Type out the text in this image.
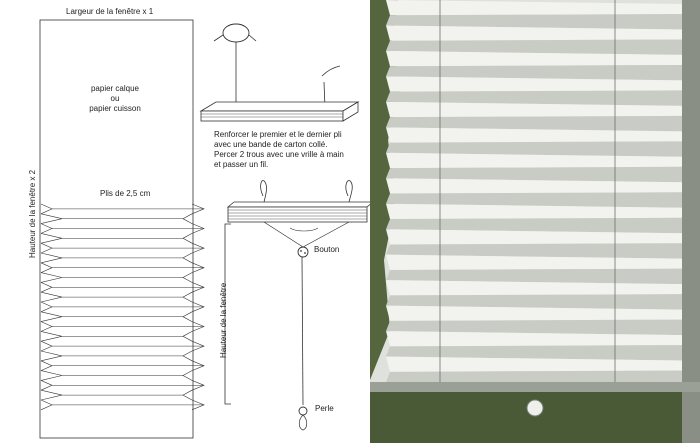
Largeur de la fenêtre x 1
Hauteur de la fenêtre x 2
papier calque
ou
papier cuisson
Plis de 2,5 cm
Renforcer le premier et le dernier pli
avec une bande de carton collé.
Percer 2 trous avec une vrille à main
et passer un fil.
Bouton
Hauteur de la fenêtre
Perle
